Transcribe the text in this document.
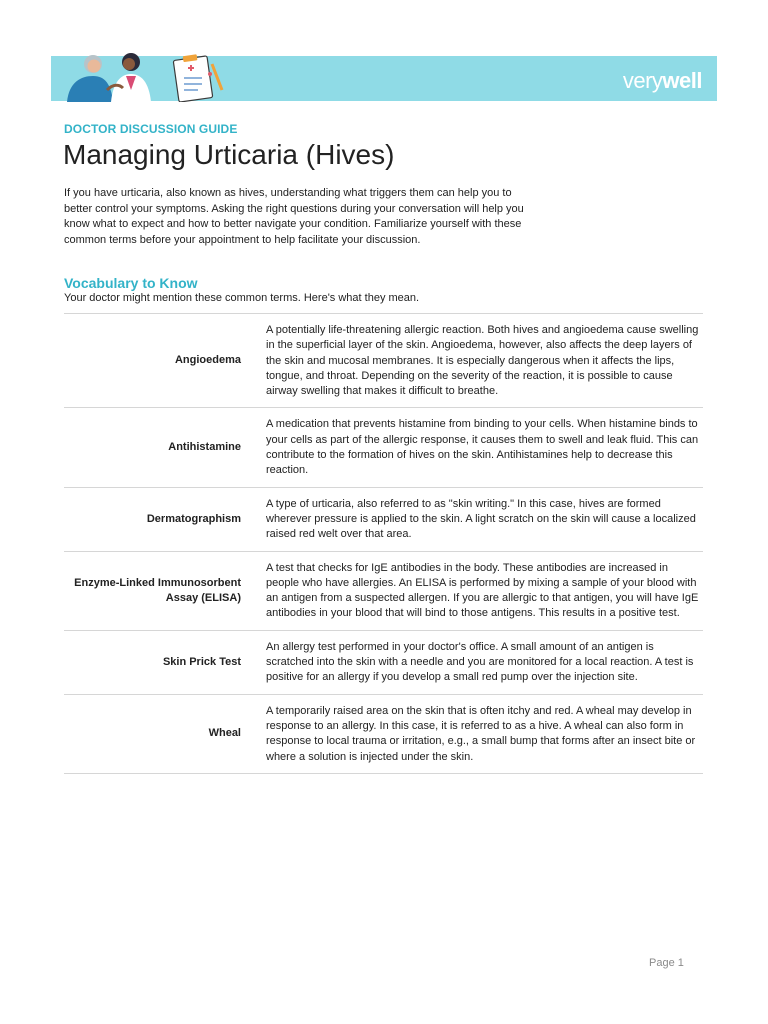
verywell
DOCTOR DISCUSSION GUIDE
Managing Urticaria (Hives)

If you have urticaria, also known as hives, understanding what triggers them can help you to better control your symptoms. Asking the right questions during your conversation will help you know what to expect and how to better navigate your condition. Familiarize yourself with these common terms before your appointment to help facilitate your discussion.

Vocabulary to Know

Your doctor might mention these common terms. Here's what they mean.

Angioedema
A potentially life-threatening allergic reaction. Both hives and angioedema cause swelling in the superficial layer of the skin. Angioedema, however, also affects the deep layers of the skin and mucosal membranes. It is especially dangerous when it affects the lips, tongue, and throat. Depending on the severity of the reaction, it is possible to cause airway swelling that makes it difficult to breathe.
Antihistamine
A medication that prevents histamine from binding to your cells. When histamine binds to your cells as part of the allergic response, it causes them to swell and leak fluid. This can contribute to the formation of hives on the skin. Antihistamines help to decrease this reaction.
Dermatographism
A type of urticaria, also referred to as "skin writing." In this case, hives are formed wherever pressure is applied to the skin. A light scratch on the skin will cause a localized raised red welt over that area.
Enzyme-Linked Immunosorbent Assay (ELISA)
A test that checks for IgE antibodies in the body. These antibodies are increased in people who have allergies. An ELISA is performed by mixing a sample of your blood with an antigen from a suspected allergen. If you are allergic to that antigen, you will have IgE antibodies in your blood that will bind to those antigens. This results in a positive test.
Skin Prick Test
An allergy test performed in your doctor's office. A small amount of an antigen is scratched into the skin with a needle and you are monitored for a local reaction. A test is positive for an allergy if you develop a small red pump over the injection site.
Wheal
A temporarily raised area on the skin that is often itchy and red. A wheal may develop in response to an allergy. In this case, it is referred to as a hive. A wheal can also form in response to local trauma or irritation, e.g., a small bump that forms after an insect bite or where a solution is injected under the skin.
Page 1
